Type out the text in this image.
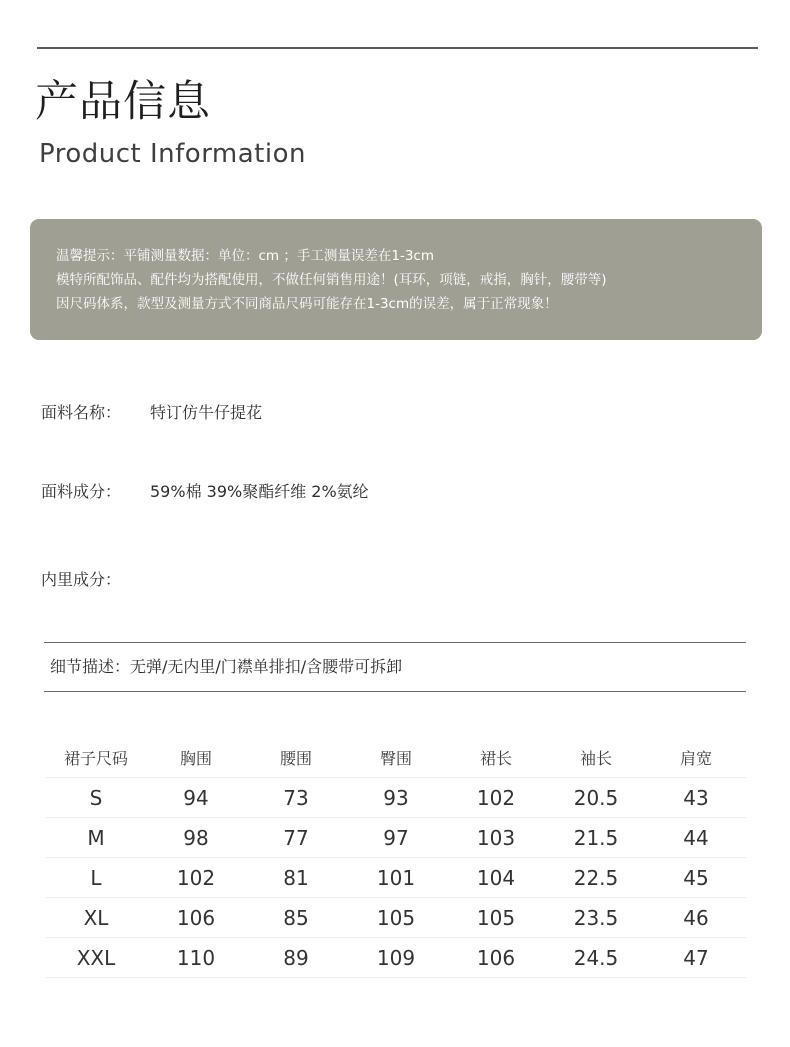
产品信息
Product Information
温馨提示：平铺测量数据：单位：cm ；手工测量误差在1-3cm
模特所配饰品、配件均为搭配使用，不做任何销售用途！(耳环，项链，戒指，胸针，腰带等)
因尺码体系，款型及测量方式不同商品尺码可能存在1-3cm的误差，属于正常现象！
面料名称： 特订仿牛仔提花
面料成分： 59%棉 39%聚酯纤维 2%氨纶
内里成分：
细节描述：无弹/无内里/门襟单排扣/含腰带可拆卸
裙子尺码	胸围	腰围	臀围	裙长	袖长	肩宽
S	94	73	93	102	20.5	43
M	98	77	97	103	21.5	44
L	102	81	101	104	22.5	45
XL	106	85	105	105	23.5	46
XXL	110	89	109	106	24.5	47
